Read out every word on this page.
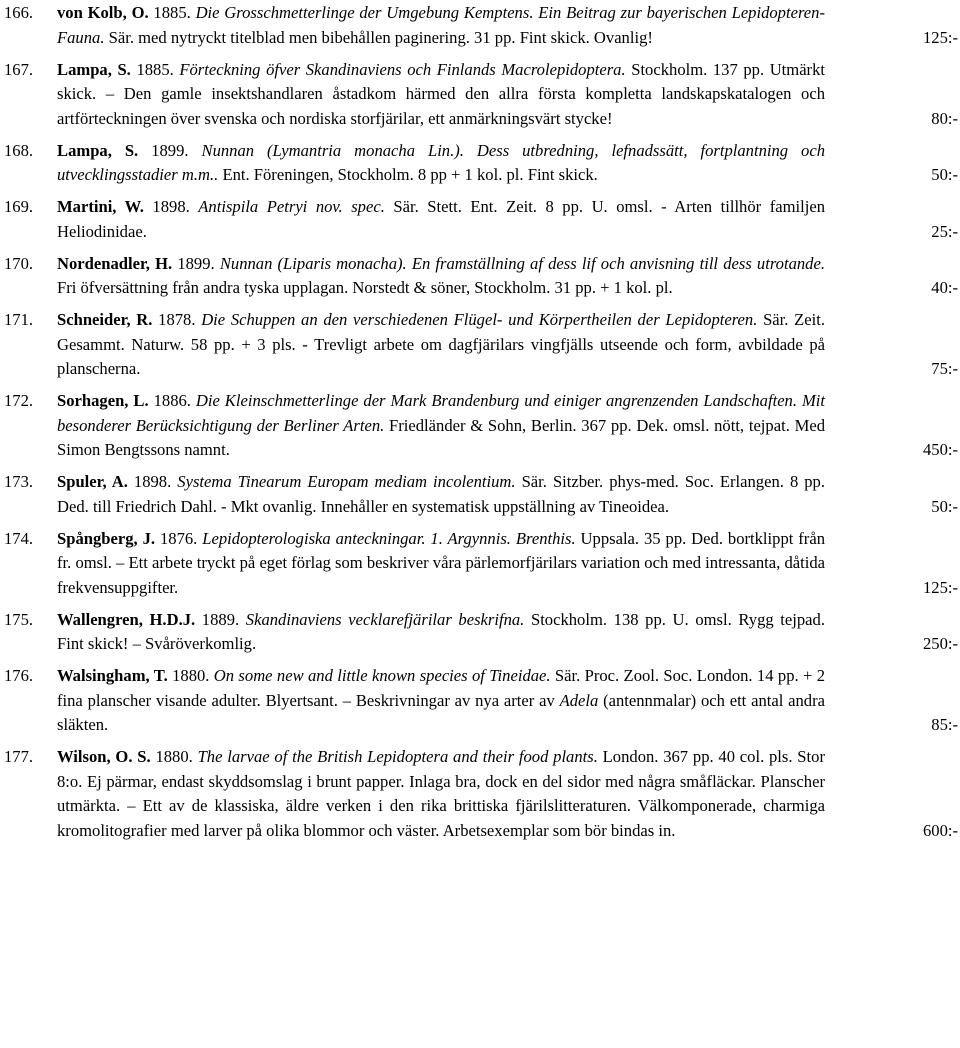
166. von Kolb, O. 1885. Die Grosschmetterlinge der Umgebung Kemptens. Ein Beitrag zur bayerischen Lepidopteren-Fauna. Sär. med nytryckt titelblad men bibehållen paginering. 31 pp. Fint skick. Ovanlig!	125:-
167. Lampa, S. 1885. Förteckning öfver Skandinaviens och Finlands Macrolepidoptera. Stockholm. 137 pp. Utmärkt skick. – Den gamle insektshandlaren åstadkom härmed den allra första kompletta landskapskatalogen och artförteckningen över svenska och nordiska storfjärilar, ett anmärkningsvärt stycke!	80:-
168. Lampa, S. 1899. Nunnan (Lymantria monacha Lin.). Dess utbredning, lefnadssätt, fortplantning och utvecklingsstadier m.m.. Ent. Föreningen, Stockholm. 8 pp + 1 kol. pl. Fint skick.	50:-
169. Martini, W. 1898. Antispila Petryi nov. spec. Sär. Stett. Ent. Zeit. 8 pp. U. omsl. - Arten tillhör familjen Heliodinidae.	25:-
170. Nordenadler, H. 1899. Nunnan (Liparis monacha). En framställning af dess lif och anvisning till dess utrotande. Fri öfversättning från andra tyska upplagan. Norstedt & söner, Stockholm. 31 pp. + 1 kol. pl.	40:-
171. Schneider, R. 1878. Die Schuppen an den verschiedenen Flügel- und Körpertheilen der Lepidopteren. Sär. Zeit. Gesammt. Naturw. 58 pp. + 3 pls. - Trevligt arbete om dagfjärilars vingfjälls utseende och form, avbildade på planscherna.	75:-
172. Sorhagen, L. 1886. Die Kleinschmetterlinge der Mark Brandenburg und einiger angrenzenden Landschaften. Mit besonderer Berücksichtigung der Berliner Arten. Friedländer & Sohn, Berlin. 367 pp. Dek. omsl. nött, tejpat. Med Simon Bengtssons namnt.	450:-
173. Spuler, A. 1898. Systema Tinearum Europam mediam incolentium. Sär. Sitzber. phys-med. Soc. Erlangen. 8 pp. Ded. till Friedrich Dahl. - Mkt ovanlig. Innehåller en systematisk uppställning av Tineoidea.	50:-
174. Spångberg, J. 1876. Lepidopterologiska anteckningar. 1. Argynnis. Brenthis. Uppsala. 35 pp. Ded. bortklippt från fr. omsl. – Ett arbete tryckt på eget förlag som beskriver våra pärlemorfjärilars variation och med intressanta, dåtida frekvensuppgifter.	125:-
175. Wallengren, H.D.J. 1889. Skandinaviens vecklarefjärilar beskrifna. Stockholm. 138 pp. U. omsl. Rygg tejpad. Fint skick! – Svåröverkomlig.	250:-
176. Walsingham, T. 1880. On some new and little known species of Tineidae. Sär. Proc. Zool. Soc. London. 14 pp. + 2 fina planscher visande adulter. Blyertsant. – Beskrivningar av nya arter av Adela (antennmalar) och ett antal andra släkten.	85:-
177. Wilson, O. S. 1880. The larvae of the British Lepidoptera and their food plants. London. 367 pp. 40 col. pls. Stor 8:o. Ej pärmar, endast skyddsomslag i brunt papper. Inlaga bra, dock en del sidor med några småfläckar. Planscher utmärkta. – Ett av de klassiska, äldre verken i den rika brittiska fjärilslitteraturen. Välkomponerade, charmiga kromolitografier med larver på olika blommor och väster. Arbetsexemplar som bör bindas in.	600:-
